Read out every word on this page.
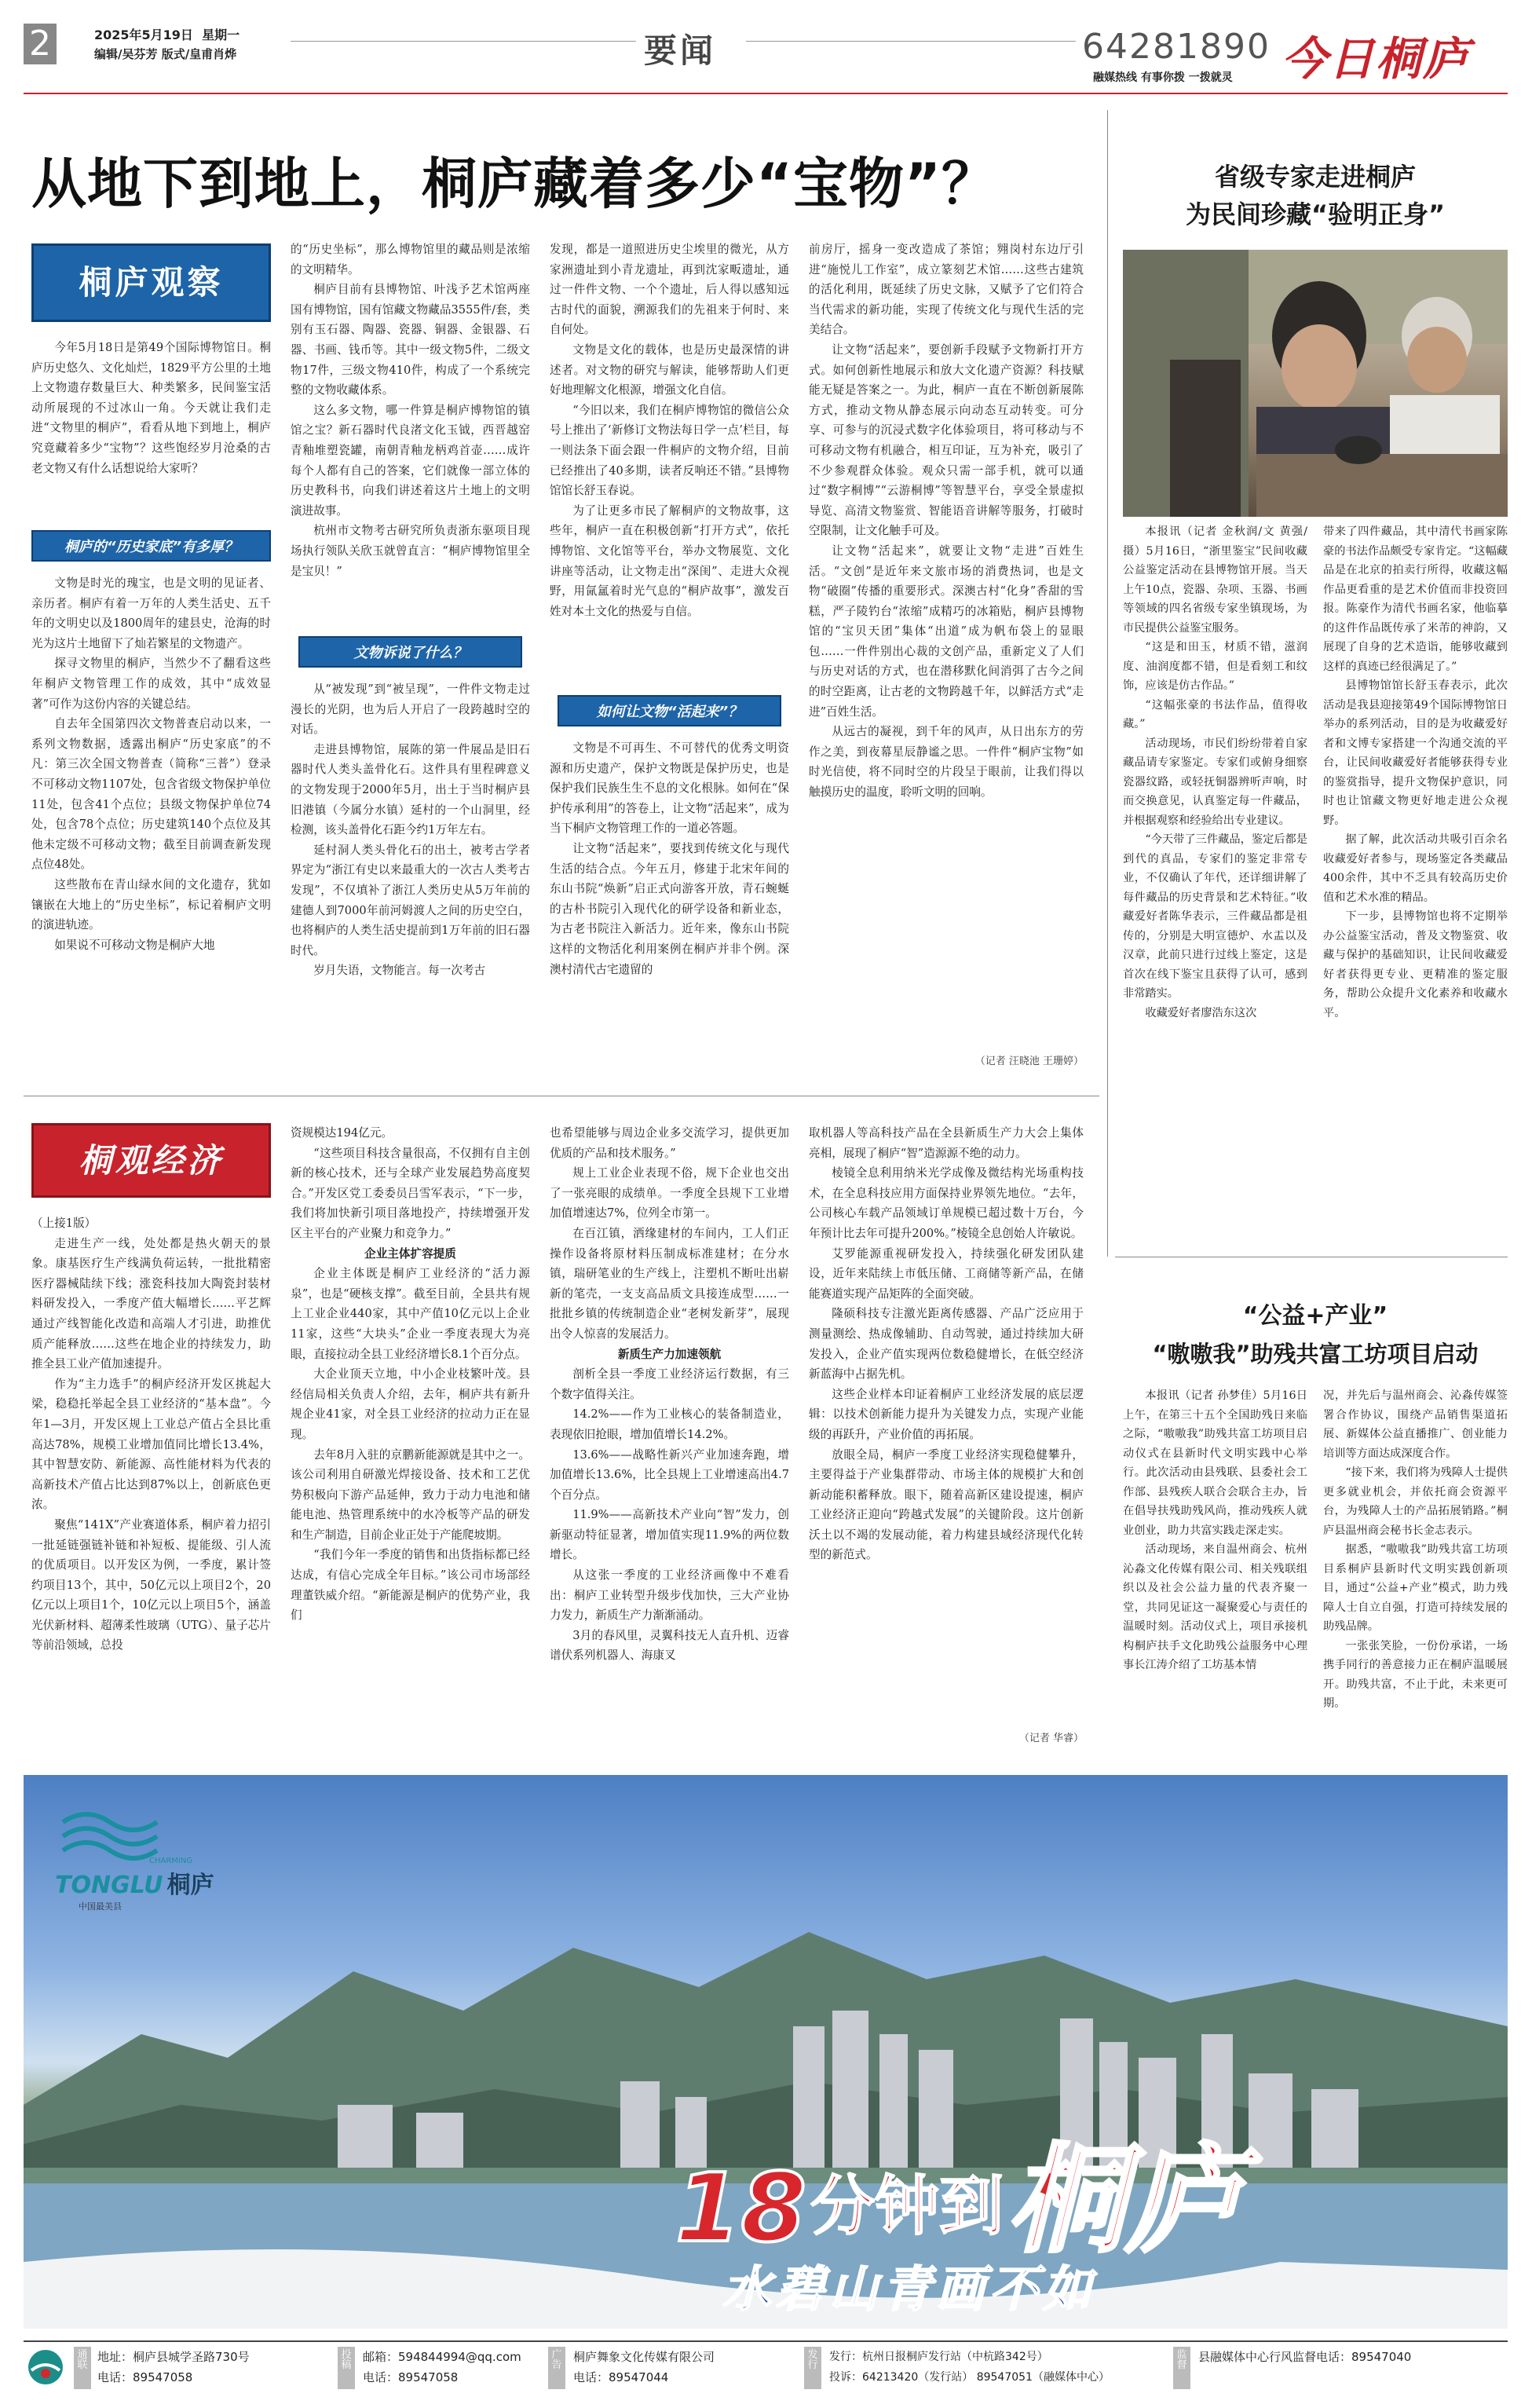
2	2025年5月19日 星期一
编辑/吴芬芳 版式/皇甫肖烨	要闻	64281890
融媒热线 有事你拨 一拨就灵 今日桐庐
从地下到地上，桐庐藏着多少“宝物”？
桐庐观察

今年5月18日是第49个国际博物馆日。桐庐历史悠久、文化灿烂，1829平方公里的土地上文物遗存数量巨大、种类繁多，民间鉴宝活动所展现的不过冰山一角。今天就让我们走进“文物里的桐庐”，看看从地下到地上，桐庐究竟藏着多少“宝物”？这些饱经岁月沧桑的古老文物又有什么话想说给大家听？

桐庐的“历史家底”有多厚？

文物是时光的瑰宝，也是文明的见证者、亲历者。桐庐有着一万年的人类生活史、五千年的文明史以及1800周年的建县史，沧海的时光为这片土地留下了灿若繁星的文物遗产。

探寻文物里的桐庐，当然少不了翻看这些年桐庐文物管理工作的成效，其中“成效显著”可作为这份内容的关键总结。

自去年全国第四次文物普查启动以来，一系列文物数据，透露出桐庐“历史家底”的不凡：第三次全国文物普查（简称“三普”）登录不可移动文物1107处，包含省级文物保护单位11处，包含41个点位；县级文物保护单位74处，包含78个点位；历史建筑140个点位及其他未定级不可移动文物；截至目前调查新发现点位48处。

这些散布在青山绿水间的文化遗存，犹如镶嵌在大地上的“历史坐标”，标记着桐庐文明的演进轨迹。

如果说不可移动文物是桐庐大地

的“历史坐标”，那么博物馆里的藏品则是浓缩的文明精华。

桐庐目前有县博物馆、叶浅予艺术馆两座国有博物馆，国有馆藏文物藏品3555件/套，类别有玉石器、陶器、瓷器、铜器、金银器、石器、书画、钱币等。其中一级文物5件，二级文物17件，三级文物410件，构成了一个系统完整的文物收藏体系。

这么多文物，哪一件算是桐庐博物馆的镇馆之宝？新石器时代良渚文化玉钺，西晋越窑青釉堆塑瓷罐，南朝青釉龙柄鸡首壶……成许每个人都有自己的答案，它们就像一部立体的历史教科书，向我们讲述着这片土地上的文明演进故事。

杭州市文物考古研究所负责浙东驱项目现场执行领队关欣玉就曾直言：“桐庐博物馆里全是宝贝！”

文物诉说了什么？

从“被发现”到“被呈现”，一件件文物走过漫长的光阴，也为后人开启了一段跨越时空的对话。

走进县博物馆，展陈的第一件展品是旧石器时代人类头盖骨化石。这件具有里程碑意义的文物发现于2000年5月，出土于当时桐庐县旧港镇（今属分水镇）延村的一个山洞里，经检测，该头盖骨化石距今约1万年左右。

延村洞人类头骨化石的出土，被考古学者界定为“浙江有史以来最重大的一次古人类考古发现”，不仅填补了浙江人类历史从5万年前的建德人到7000年前河姆渡人之间的历史空白，也将桐庐的人类生活史提前到1万年前的旧石器时代。

岁月失语，文物能言。每一次考古

发现，都是一道照进历史尘埃里的微光，从方家洲遗址到小青龙遗址，再到沈家畈遗址，通过一件件文物、一个个遗址，后人得以感知远古时代的面貌，溯源我们的先祖来于何时、来自何处。

文物是文化的载体，也是历史最深情的讲述者。对文物的研究与解读，能够帮助人们更好地理解文化根源，增强文化自信。

“今旧以来，我们在桐庐博物馆的微信公众号上推出了‘新修订文物法每日学一点’栏目，每一则法条下面会跟一件桐庐的文物介绍，目前已经推出了40多期，读者反响还不错。”县博物馆馆长舒玉春说。

为了让更多市民了解桐庐的文物故事，这些年，桐庐一直在积极创新“打开方式”，依托博物馆、文化馆等平台，举办文物展览、文化讲座等活动，让文物走出“深闺”、走进大众视野，用氤氲着时光气息的“桐庐故事”，激发百姓对本土文化的热爱与自信。

如何让文物“活起来”？

文物是不可再生、不可替代的优秀文明资源和历史遗产，保护文物既是保护历史，也是保护我们民族生生不息的文化根脉。如何在“保护传承利用”的答卷上，让文物“活起来”，成为当下桐庐文物管理工作的一道必答题。

让文物“活起来”，要找到传统文化与现代生活的结合点。今年五月，修建于北宋年间的东山书院“焕新”启正式向游客开放，青石蜿蜒的古朴书院引入现代化的研学设备和新业态，为古老书院注入新活力。近年来，像东山书院这样的文物活化利用案例在桐庐并非个例。深澳村清代古宅遗留的

前房厅，摇身一变改造成了茶馆；翙岗村东边厅引进“施悦儿工作室”，成立篆刻艺术馆……这些古建筑的活化利用，既延续了历史文脉，又赋予了它们符合当代需求的新功能，实现了传统文化与现代生活的完美结合。

让文物“活起来”，要创新手段赋予文物新打开方式。如何创新性地展示和放大文化遗产资源？科技赋能无疑是答案之一。为此，桐庐一直在不断创新展陈方式，推动文物从静态展示向动态互动转变。可分享、可参与的沉浸式数字化体验项目，将可移动与不可移动文物有机融合，相互印证，互为补充，吸引了不少参观群众体验。观众只需一部手机，就可以通过“数字桐博”“云游桐博”等智慧平台，享受全景虚拟导览、高清文物鉴赏、智能语音讲解等服务，打破时空限制，让文化触手可及。

让文物“活起来”，就要让文物“走进”百姓生活。“文创”是近年来文旅市场的消费热词，也是文物“破圈”传播的重要形式。深澳古村“化身”香甜的雪糕，严子陵钓台“浓缩”成精巧的冰箱贴，桐庐县博物馆的“宝贝天团”集体“出道”成为帆布袋上的显眼包……一件件别出心裁的文创产品，重新定义了人们与历史对话的方式，也在潜移默化间消弭了古今之间的时空距离，让古老的文物跨越千年，以鲜活方式“走进”百姓生活。

从远古的凝视，到千年的风声，从日出东方的劳作之美，到夜幕星辰静谧之思。一件件“桐庐宝物”如时光信使，将不同时空的片段呈于眼前，让我们得以触摸历史的温度，聆听文明的回响。

（记者 汪晓池 王珊婷）
省级专家走进桐庐
为民间珍藏“验明正身”

本报讯（记者 金秋润/文 黄强/摄）5月16日，“浙里鉴宝”民间收藏公益鉴定活动在县博物馆开展。当天上午10点，瓷器、杂项、玉器、书画等领域的四名省级专家坐镇现场，为市民提供公益鉴宝服务。

“这是和田玉，材质不错，滋润度、油润度都不错，但是看刻工和纹饰，应该是仿古作品。”

“这幅张豪的书法作品，值得收藏。”

活动现场，市民们纷纷带着自家藏品请专家鉴定。专家们或俯身细察瓷器纹路，或轻抚铜器辨听声响，时而交换意见，认真鉴定每一件藏品，并根据观察和经验给出专业建议。

“今天带了三件藏品，鉴定后都是到代的真品，专家们的鉴定非常专业，不仅确认了年代，还详细讲解了每件藏品的历史背景和艺术特征。”收藏爱好者陈华表示，三件藏品都是祖传的，分别是大明宣德炉、水盂以及汉章，此前只进行过线上鉴定，这是首次在线下鉴宝且获得了认可，感到非常踏实。

收藏爱好者廖浩东这次

带来了四件藏品，其中清代书画家陈豪的书法作品颇受专家肯定。“这幅藏品是在北京的拍卖行所得，收藏这幅作品更看重的是艺术价值而非投资回报。陈豪作为清代书画名家，他临摹的这件作品既传承了米芾的神韵，又展现了自身的艺术造诣，能够收藏到这样的真迹已经很满足了。”

县博物馆馆长舒玉春表示，此次活动是我县迎接第49个国际博物馆日举办的系列活动，目的是为收藏爱好者和文博专家搭建一个沟通交流的平台，让民间收藏爱好者能够获得专业的鉴赏指导，提升文物保护意识，同时也让馆藏文物更好地走进公众视野。

据了解，此次活动共吸引百余名收藏爱好者参与，现场鉴定各类藏品400余件，其中不乏具有较高历史价值和艺术水准的精品。

下一步，县博物馆也将不定期举办公益鉴宝活动，普及文物鉴赏、收藏与保护的基础知识，让民间收藏爱好者获得更专业、更精准的鉴定服务，帮助公众提升文化素养和收藏水平。

桐观经济

（上接1版）

走进生产一线，处处都是热火朝天的景象。康基医疗生产线满负荷运转，一批批精密医疗器械陆续下线；涨瓷科技加大陶瓷封装材料研发投入，一季度产值大幅增长……平艺辉通过产线智能化改造和高端人才引进，助推优质产能释放……这些在地企业的持续发力，助推全县工业产值加速提升。

作为“主力选手”的桐庐经济开发区挑起大梁，稳稳托举起全县工业经济的“基本盘”。今年1—3月，开发区规上工业总产值占全县比重高达78%，规模工业增加值同比增长13.4%，其中智慧安防、新能源、高性能材料为代表的高新技术产值占比达到87%以上，创新底色更浓。

聚焦“141X”产业赛道体系，桐庐着力招引一批延链强链补链和补短板、提能级、引人流的优质项目。以开发区为例，一季度，累计签约项目13个，其中，50亿元以上项目2个，20亿元以上项目1个，10亿元以上项目5个，涵盖光伏新材料、超薄柔性玻璃（UTG）、量子芯片等前沿领域，总投

资规模达194亿元。

“这些项目科技含量很高，不仅拥有自主创新的核心技术，还与全球产业发展趋势高度契合。”开发区党工委委员吕雪军表示，“下一步，我们将加快新引项目落地投产，持续增强开发区主平台的产业聚力和竞争力。”

企业主体扩容提质

企业主体既是桐庐工业经济的“活力源泉”，也是“硬核支撑”。截至目前，全县共有规上工业企业440家，其中产值10亿元以上企业11家，这些“大块头”企业一季度表现大为亮眼，直接拉动全县工业经济增长8.1个百分点。

大企业顶天立地，中小企业枝繁叶茂。县经信局相关负责人介绍，去年，桐庐共有新升规企业41家，对全县工业经济的拉动力正在显现。

去年8月入驻的京鹏新能源就是其中之一。该公司利用自研激光焊接设备、技术和工艺优势积极向下游产品延伸，致力于动力电池和储能电池、热管理系统中的水冷板等产品的研发和生产制造，目前企业正处于产能爬坡期。

“我们今年一季度的销售和出货指标都已经达成，有信心完成全年目标。”该公司市场部经理董铁威介绍。“新能源是桐庐的优势产业，我们

也希望能够与周边企业多交流学习，提供更加优质的产品和技术服务。”

规上工业企业表现不俗，规下企业也交出了一张亮眼的成绩单。一季度全县规下工业增加值增速达7%，位列全市第一。

在百江镇，洒缘建材的车间内，工人们正操作设备将原材料压制成标准建材；在分水镇，瑞研笔业的生产线上，注塑机不断吐出崭新的笔壳，一支支高品质文具接连成型……一批批乡镇的传统制造企业“老树发新芽”，展现出令人惊喜的发展活力。

新质生产力加速领航

剖析全县一季度工业经济运行数据，有三个数字值得关注。

14.2%——作为工业核心的装备制造业，表现依旧抢眼，增加值增长14.2%。

13.6%——战略性新兴产业加速奔跑，增加值增长13.6%，比全县规上工业增速高出4.7个百分点。

11.9%——高新技术产业向“智”发力，创新驱动特征显著，增加值实现11.9%的两位数增长。

从这张一季度的工业经济画像中不难看出：桐庐工业转型升级步伐加快，三大产业协力发力，新质生产力渐渐涌动。

3月的春风里，灵翼科技无人直升机、迈睿谱伏系列机器人、海康叉

取机器人等高科技产品在全县新质生产力大会上集体亮相，展现了桐庐“智”造源源不绝的动力。

棱镜全息利用纳米光学成像及微结构光场重构技术，在全息科技应用方面保持业界领先地位。“去年，公司核心车载产品领域订单规模已超过数十万台，今年预计比去年可提升200%。”棱镜全息创始人许敏说。

艾罗能源重视研发投入，持续强化研发团队建设，近年来陆续上市低压储、工商储等新产品，在储能赛道实现产品矩阵的全面突破。

隆硕科技专注激光距离传感器、产品广泛应用于测量测绘、热成像辅助、自动驾驶，通过持续加大研发投入，企业产值实现两位数稳健增长，在低空经济新蓝海中占据先机。

这些企业样本印证着桐庐工业经济发展的底层逻辑：以技术创新能力提升为关键发力点，实现产业能级的再跃升，产业价值的再拓展。

放眼全局，桐庐一季度工业经济实现稳健攀升，主要得益于产业集群带动、市场主体的规模扩大和创新动能积蓄释放。眼下，随着高新区建设提速，桐庐工业经济正迎向“跨越式发展”的关键阶段。这片创新沃土以不竭的发展动能，着力构建县域经济现代化转型的新范式。

（记者 华睿）
“公益+产业”
“嗷嗷我”助残共富工坊项目启动

本报讯（记者 孙梦佳）5月16日上午，在第三十五个全国助残日来临之际，“嗷嗷我”助残共富工坊项目启动仪式在县新时代文明实践中心举行。此次活动由县残联、县委社会工作部、县残疾人联合会联合主办，旨在倡导扶残助残风尚，推动残疾人就业创业，助力共富实践走深走实。

活动现场，来自温州商会、杭州沁淼文化传媒有限公司、相关残联组织以及社会公益力量的代表齐聚一堂，共同见证这一凝聚爱心与责任的温暖时刻。活动仪式上，项目承接机构桐庐扶手文化助残公益服务中心理事长江涛介绍了工坊基本情

况，并先后与温州商会、沁淼传媒签署合作协议，围绕产品销售渠道拓展、新媒体公益直播推广、创业能力培训等方面达成深度合作。

“接下来，我们将为残障人士提供更多就业机会，并依托商会资源平台，为残障人士的产品拓展销路。”桐庐县温州商会秘书长金志表示。

据悉，“嗷嗷我”助残共富工坊项目系桐庐县新时代文明实践创新项目，通过“公益+产业”模式，助力残障人士自立自强，打造可持续发展的助残品牌。

一张张笑脸，一份份承诺，一场携手同行的善意接力正在桐庐温暖展开。助残共富，不止于此，未来更可期。

CHARMING
TONGLU 桐庐
中国最美县
18 分钟到 桐庐
水碧山青画不如
通联
地址：桐庐县城学圣路730号
电话：89547058
投稿
邮箱：594844994@qq.com
电话：89547058
广告
桐庐舞象文化传媒有限公司
电话：89547044
发行
发行：杭州日报桐庐发行站（中杭路342号）
投诉：64213420（发行站） 89547051（融媒体中心）
监督
县融媒体中心行风监督电话：89547040
